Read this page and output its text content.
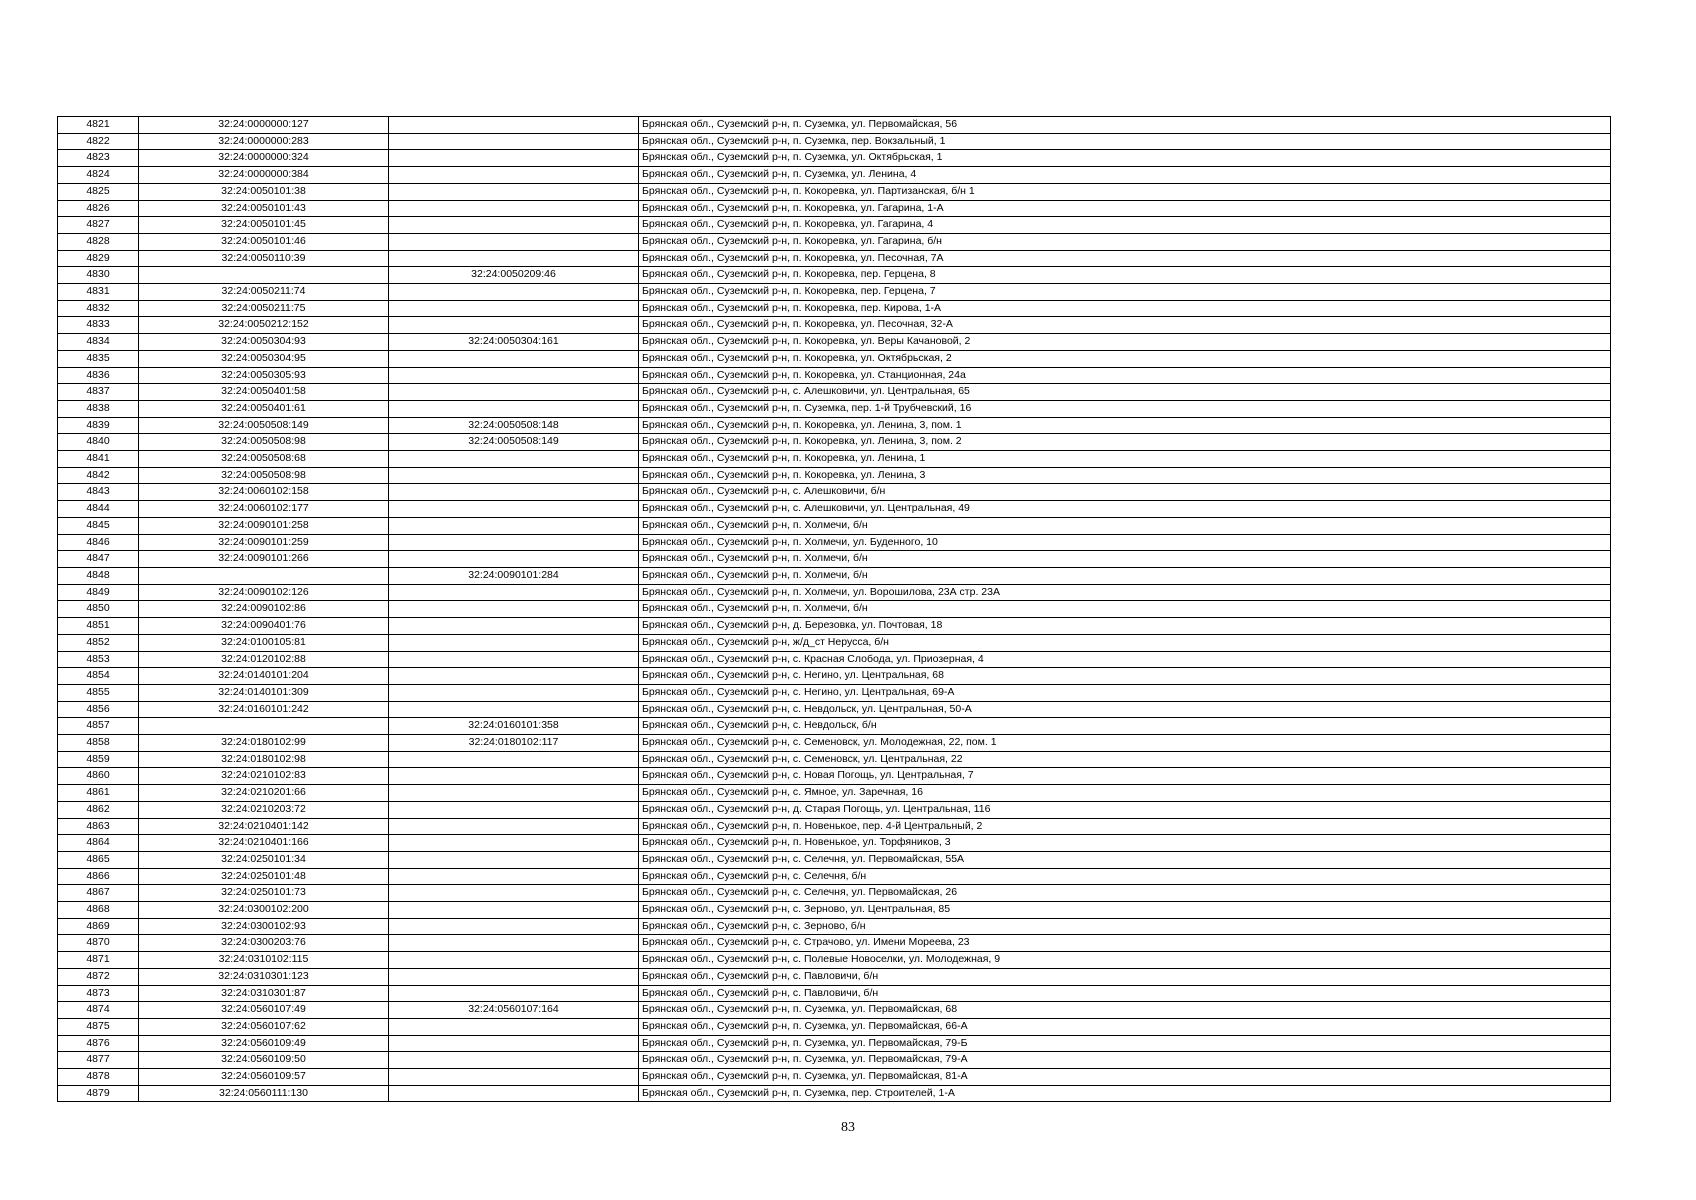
4821	32:24:0000000:127		Брянская обл., Суземский р-н, п. Суземка, ул. Первомайская, 56
4822	32:24:0000000:283		Брянская обл., Суземский р-н, п. Суземка, пер. Вокзальный, 1
4823	32:24:0000000:324		Брянская обл., Суземский р-н, п. Суземка, ул. Октябрьская, 1
4824	32:24:0000000:384		Брянская обл., Суземский р-н, п. Суземка, ул. Ленина, 4
4825	32:24:0050101:38		Брянская обл., Суземский р-н, п. Кокоревка, ул. Партизанская, б/н 1
4826	32:24:0050101:43		Брянская обл., Суземский р-н, п. Кокоревка, ул. Гагарина, 1-А
4827	32:24:0050101:45		Брянская обл., Суземский р-н, п. Кокоревка, ул. Гагарина, 4
4828	32:24:0050101:46		Брянская обл., Суземский р-н, п. Кокоревка, ул. Гагарина, б/н
4829	32:24:0050110:39		Брянская обл., Суземский р-н, п. Кокоревка, ул. Песочная, 7А
4830		32:24:0050209:46	Брянская обл., Суземский р-н, п. Кокоревка, пер. Герцена, 8
4831	32:24:0050211:74		Брянская обл., Суземский р-н, п. Кокоревка, пер. Герцена, 7
4832	32:24:0050211:75		Брянская обл., Суземский р-н, п. Кокоревка, пер. Кирова, 1-А
4833	32:24:0050212:152		Брянская обл., Суземский р-н, п. Кокоревка, ул. Песочная, 32-А
4834	32:24:0050304:93	32:24:0050304:161	Брянская обл., Суземский р-н, п. Кокоревка, ул. Веры Качановой, 2
4835	32:24:0050304:95		Брянская обл., Суземский р-н, п. Кокоревка, ул. Октябрьская, 2
4836	32:24:0050305:93		Брянская обл., Суземский р-н, п. Кокоревка, ул. Станционная, 24а
4837	32:24:0050401:58		Брянская обл., Суземский р-н, с. Алешковичи, ул. Центральная, 65
4838	32:24:0050401:61		Брянская обл., Суземский р-н, п. Суземка, пер. 1-й Трубчевский, 16
4839	32:24:0050508:149	32:24:0050508:148	Брянская обл., Суземский р-н, п. Кокоревка, ул. Ленина, 3, пом. 1
4840	32:24:0050508:98	32:24:0050508:149	Брянская обл., Суземский р-н, п. Кокоревка, ул. Ленина, 3, пом. 2
4841	32:24:0050508:68		Брянская обл., Суземский р-н, п. Кокоревка, ул. Ленина, 1
4842	32:24:0050508:98		Брянская обл., Суземский р-н, п. Кокоревка, ул. Ленина, 3
4843	32:24:0060102:158		Брянская обл., Суземский р-н, с. Алешковичи, б/н
4844	32:24:0060102:177		Брянская обл., Суземский р-н, с. Алешковичи, ул. Центральная, 49
4845	32:24:0090101:258		Брянская обл., Суземский р-н, п. Холмечи, б/н
4846	32:24:0090101:259		Брянская обл., Суземский р-н, п. Холмечи, ул. Буденного, 10
4847	32:24:0090101:266		Брянская обл., Суземский р-н, п. Холмечи, б/н
4848		32:24:0090101:284	Брянская обл., Суземский р-н, п. Холмечи, б/н
4849	32:24:0090102:126		Брянская обл., Суземский р-н, п. Холмечи, ул. Ворошилова, 23А стр. 23А
4850	32:24:0090102:86		Брянская обл., Суземский р-н, п. Холмечи, б/н
4851	32:24:0090401:76		Брянская обл., Суземский р-н, д. Березовка, ул. Почтовая, 18
4852	32:24:0100105:81		Брянская обл., Суземский р-н, ж/д_ст Нерусса, б/н
4853	32:24:0120102:88		Брянская обл., Суземский р-н, с. Красная Слобода, ул. Приозерная, 4
4854	32:24:0140101:204		Брянская обл., Суземский р-н, с. Негино, ул. Центральная, 68
4855	32:24:0140101:309		Брянская обл., Суземский р-н, с. Негино, ул. Центральная, 69-А
4856	32:24:0160101:242		Брянская обл., Суземский р-н, с. Невдольск, ул. Центральная, 50-А
4857		32:24:0160101:358	Брянская обл., Суземский р-н, с. Невдольск, б/н
4858	32:24:0180102:99	32:24:0180102:117	Брянская обл., Суземский р-н, с. Семеновск, ул. Молодежная, 22, пом. 1
4859	32:24:0180102:98		Брянская обл., Суземский р-н, с. Семеновск, ул. Центральная, 22
4860	32:24:0210102:83		Брянская обл., Суземский р-н, с. Новая Погощь, ул. Центральная, 7
4861	32:24:0210201:66		Брянская обл., Суземский р-н, с. Ямное, ул. Заречная, 16
4862	32:24:0210203:72		Брянская обл., Суземский р-н, д. Старая Погощь, ул. Центральная, 116
4863	32:24:0210401:142		Брянская обл., Суземский р-н, п. Новенькое, пер. 4-й Центральный, 2
4864	32:24:0210401:166		Брянская обл., Суземский р-н, п. Новенькое, ул. Торфяников, 3
4865	32:24:0250101:34		Брянская обл., Суземский р-н, с. Селечня, ул. Первомайская, 55А
4866	32:24:0250101:48		Брянская обл., Суземский р-н, с. Селечня, б/н
4867	32:24:0250101:73		Брянская обл., Суземский р-н, с. Селечня, ул. Первомайская, 26
4868	32:24:0300102:200		Брянская обл., Суземский р-н, с. Зерново, ул. Центральная, 85
4869	32:24:0300102:93		Брянская обл., Суземский р-н, с. Зерново, б/н
4870	32:24:0300203:76		Брянская обл., Суземский р-н, с. Страчово, ул. Имени Мореева, 23
4871	32:24:0310102:115		Брянская обл., Суземский р-н, с. Полевые Новоселки, ул. Молодежная, 9
4872	32:24:0310301:123		Брянская обл., Суземский р-н, с. Павловичи, б/н
4873	32:24:0310301:87		Брянская обл., Суземский р-н, с. Павловичи, б/н
4874	32:24:0560107:49	32:24:0560107:164	Брянская обл., Суземский р-н, п. Суземка, ул. Первомайская, 68
4875	32:24:0560107:62		Брянская обл., Суземский р-н, п. Суземка, ул. Первомайская, 66-А
4876	32:24:0560109:49		Брянская обл., Суземский р-н, п. Суземка, ул. Первомайская, 79-Б
4877	32:24:0560109:50		Брянская обл., Суземский р-н, п. Суземка, ул. Первомайская, 79-А
4878	32:24:0560109:57		Брянская обл., Суземский р-н, п. Суземка, ул. Первомайская, 81-А
4879	32:24:0560111:130		Брянская обл., Суземский р-н, п. Суземка, пер. Строителей, 1-А
83
